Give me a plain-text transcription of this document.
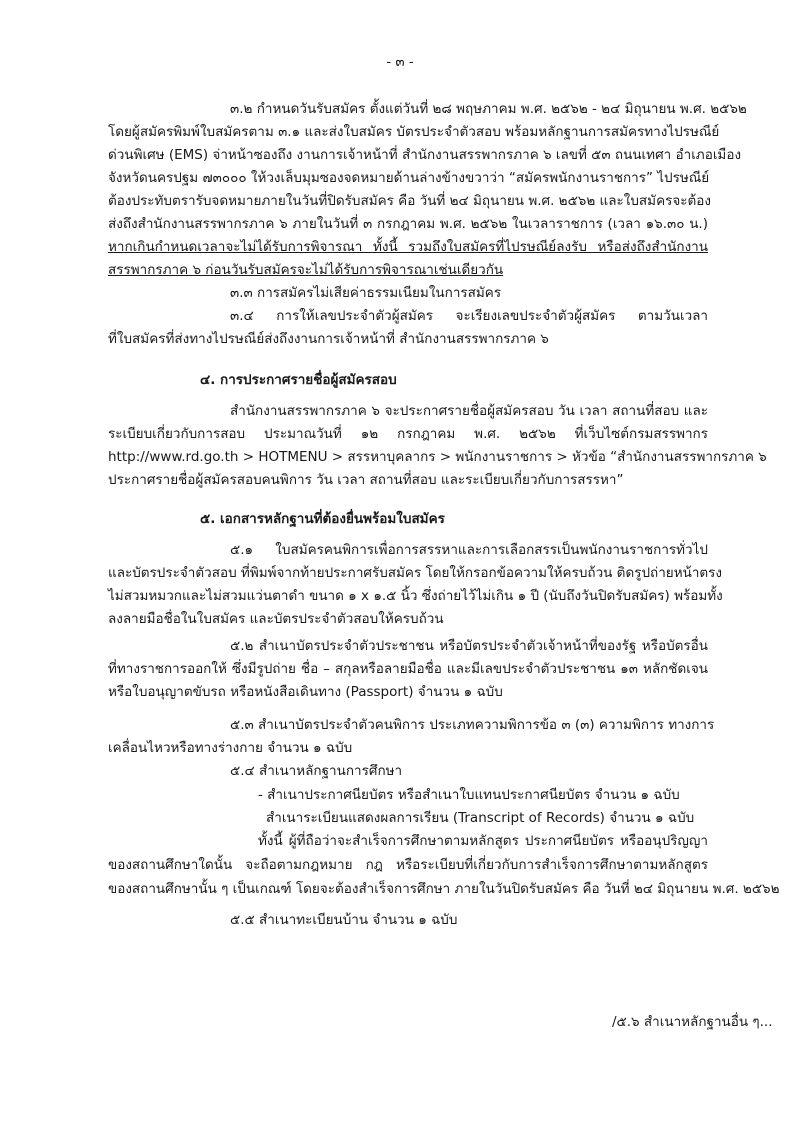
- ๓ -
๓.๒ กำหนดวันรับสมัคร ตั้งแต่วันที่ ๒๘ พฤษภาคม พ.ศ. ๒๕๖๒ - ๒๔ มิถุนายน พ.ศ. ๒๕๖๒
โดยผู้สมัครพิมพ์ใบสมัครตาม ๓.๑ และส่งใบสมัคร บัตรประจำตัวสอบ พร้อมหลักฐานการสมัครทางไปรษณีย์
ด่วนพิเศษ (EMS) จ่าหน้าซองถึง งานการเจ้าหน้าที่ สำนักงานสรรพากรภาค ๖ เลขที่ ๕๓ ถนนเทศา อำเภอเมือง
จังหวัดนครปฐม ๗๓๐๐๐ ให้วงเล็บมุมซองจดหมายด้านล่างข้างขวาว่า “สมัครพนักงานราชการ” ไปรษณีย์
ต้องประทับตรารับจดหมายภายในวันที่ปิดรับสมัคร คือ วันที่ ๒๔ มิถุนายน พ.ศ. ๒๕๖๒ และใบสมัครจะต้อง
ส่งถึงสำนักงานสรรพากรภาค ๖ ภายในวันที่ ๓ กรกฎาคม พ.ศ. ๒๕๖๒ ในเวลาราชการ (เวลา ๑๖.๓๐ น.)
หากเกินกำหนดเวลาจะไม่ได้รับการพิจารณา ทั้งนี้ รวมถึงใบสมัครที่ไปรษณีย์ลงรับ หรือส่งถึงสำนักงาน
สรรพากรภาค ๖ ก่อนวันรับสมัครจะไม่ได้รับการพิจารณาเช่นเดียวกัน
๓.๓ การสมัครไม่เสียค่าธรรมเนียมในการสมัคร
๓.๔ การให้เลขประจำตัวผู้สมัคร จะเรียงเลขประจำตัวผู้สมัคร ตามวันเวลา
ที่ใบสมัครที่ส่งทางไปรษณีย์ส่งถึงงานการเจ้าหน้าที่ สำนักงานสรรพากรภาค ๖
๔. การประกาศรายชื่อผู้สมัครสอบ
สำนักงานสรรพากรภาค ๖ จะประกาศรายชื่อผู้สมัครสอบ วัน เวลา สถานที่สอบ และ
ระเบียบเกี่ยวกับการสอบ ประมาณวันที่ ๑๒ กรกฎาคม พ.ศ. ๒๕๖๒ ที่เว็บไซต์กรมสรรพากร
http://www.rd.go.th > HOTMENU > สรรหาบุคลากร > พนักงานราชการ > หัวข้อ “สำนักงานสรรพากรภาค ๖
ประกาศรายชื่อผู้สมัครสอบคนพิการ วัน เวลา สถานที่สอบ และระเบียบเกี่ยวกับการสรรหา”
๕. เอกสารหลักฐานที่ต้องยื่นพร้อมใบสมัคร
๕.๑ ใบสมัครคนพิการเพื่อการสรรหาและการเลือกสรรเป็นพนักงานราชการทั่วไป
และบัตรประจำตัวสอบ ที่พิมพ์จากท้ายประกาศรับสมัคร โดยให้กรอกข้อความให้ครบถ้วน ติดรูปถ่ายหน้าตรง
ไม่สวมหมวกและไม่สวมแว่นตาดำ ขนาด ๑ x ๑.๕ นิ้ว ซึ่งถ่ายไว้ไม่เกิน ๑ ปี (นับถึงวันปิดรับสมัคร) พร้อมทั้ง
ลงลายมือชื่อในใบสมัคร และบัตรประจำตัวสอบให้ครบถ้วน
๕.๒ สำเนาบัตรประจำตัวประชาชน หรือบัตรประจำตัวเจ้าหน้าที่ของรัฐ หรือบัตรอื่น
ที่ทางราชการออกให้ ซึ่งมีรูปถ่าย ชื่อ – สกุลหรือลายมือชื่อ และมีเลขประจำตัวประชาชน ๑๓ หลักชัดเจน
หรือใบอนุญาตขับรถ หรือหนังสือเดินทาง (Passport) จำนวน ๑ ฉบับ
๕.๓ สำเนาบัตรประจำตัวคนพิการ ประเภทความพิการข้อ ๓ (๓) ความพิการ ทางการ
เคลื่อนไหวหรือทางร่างกาย จำนวน ๑ ฉบับ
๕.๔ สำเนาหลักฐานการศึกษา
- สำเนาประกาศนียบัตร หรือสำเนาใบแทนประกาศนียบัตร จำนวน ๑ ฉบับ
สำเนาระเบียนแสดงผลการเรียน (Transcript of Records) จำนวน ๑ ฉบับ
ทั้งนี้ ผู้ที่ถือว่าจะสำเร็จการศึกษาตามหลักสูตร ประกาศนียบัตร หรืออนุปริญญา
ของสถานศึกษาใดนั้น จะถือตามกฎหมาย กฎ หรือระเบียบที่เกี่ยวกับการสำเร็จการศึกษาตามหลักสูตร
ของสถานศึกษานั้น ๆ เป็นเกณฑ์ โดยจะต้องสำเร็จการศึกษา ภายในวันปิดรับสมัคร คือ วันที่ ๒๔ มิถุนายน พ.ศ. ๒๕๖๒
๕.๕ สำเนาทะเบียนบ้าน จำนวน ๑ ฉบับ
/๕.๖ สำเนาหลักฐานอื่น ๆ...
